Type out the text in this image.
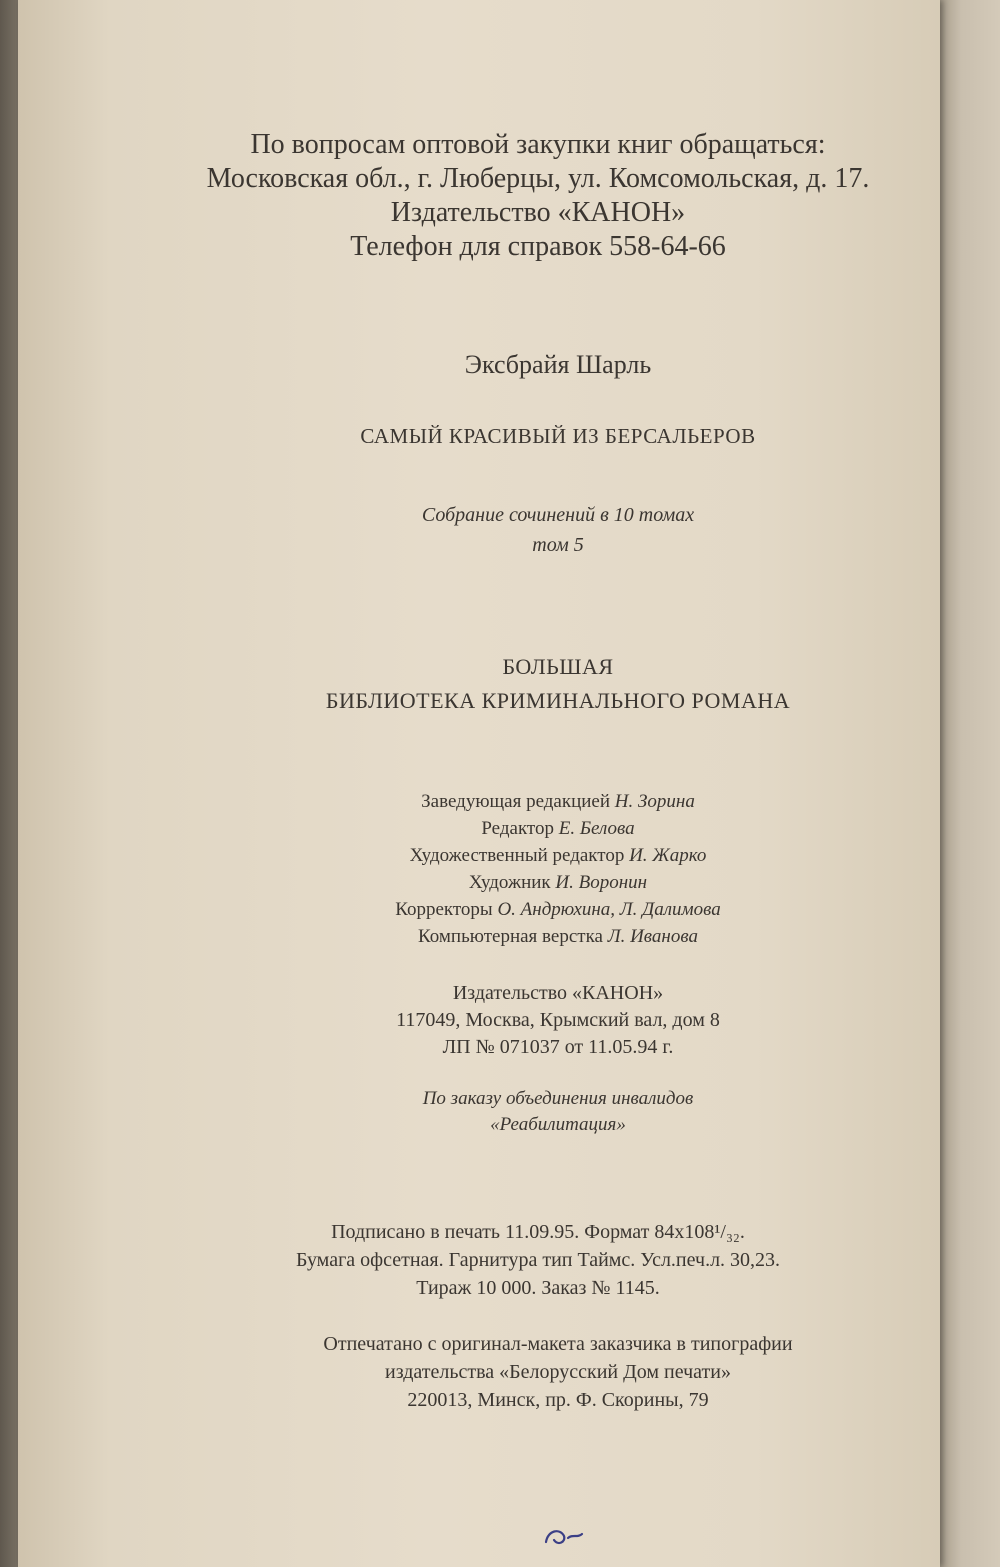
По вопросам оптовой закупки книг обращаться:
Московская обл., г. Люберцы, ул. Комсомольская, д. 17.
Издательство «КАНОН»
Телефон для справок 558-64-66
Эксбрайя Шарль
САМЫЙ КРАСИВЫЙ ИЗ БЕРСАЛЬЕРОВ
Собрание сочинений в 10 томах
том 5
БОЛЬШАЯ
БИБЛИОТЕКА КРИМИНАЛЬНОГО РОМАНА
Заведующая редакцией Н. Зорина
Редактор Е. Белова
Художественный редактор И. Жарко
Художник И. Воронин
Корректоры О. Андрюхина, Л. Далимова
Компьютерная верстка Л. Иванова
Издательство «КАНОН»
117049, Москва, Крымский вал, дом 8
ЛП № 071037 от 11.05.94 г.
По заказу объединения инвалидов
«Реабилитация»
Подписано в печать 11.09.95. Формат 84x108¹/₃₂.
Бумага офсетная. Гарнитура тип Таймс. Усл.печ.л. 30,23.
Тираж 10 000. Заказ № 1145.
Отпечатано с оригинал-макета заказчика в типографии
издательства «Белорусский Дом печати»
220013, Минск, пр. Ф. Скорины, 79
